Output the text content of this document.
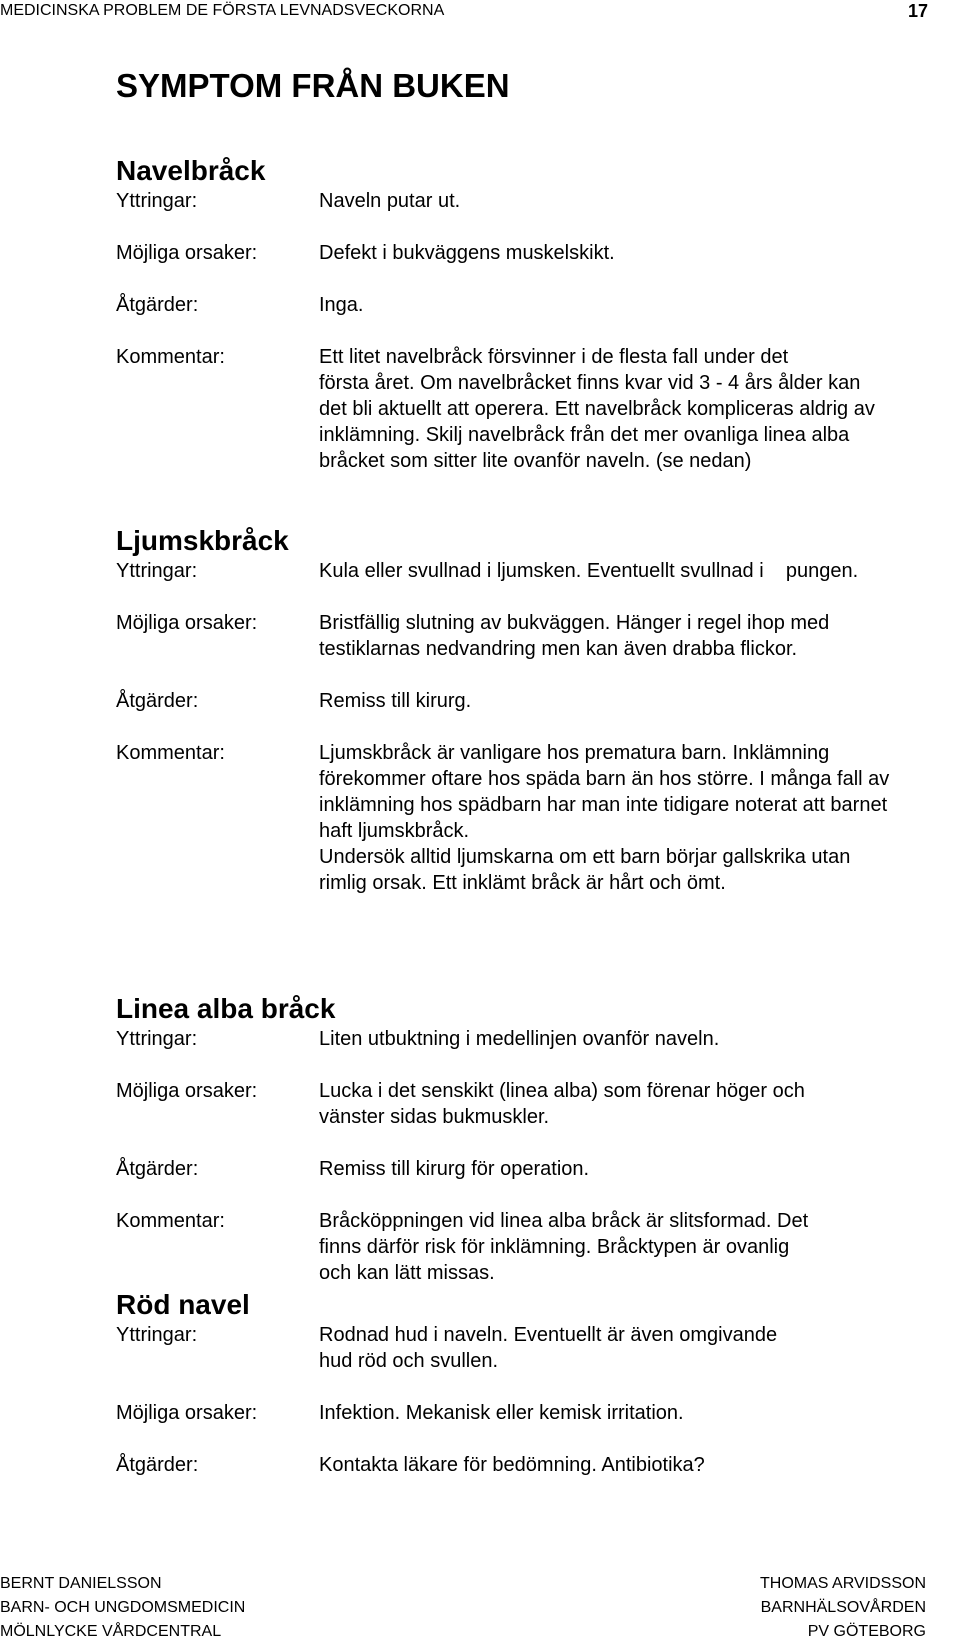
MEDICINSKA PROBLEM DE FÖRSTA LEVNADSVECKORNA	17
SYMPTOM FRÅN BUKEN
Navelbråck
Yttringar:	Naveln putar ut.
Möjliga orsaker:	Defekt i bukväggens muskelskikt.
Åtgärder:	Inga.
Kommentar:	Ett litet navelbråck försvinner i de flesta fall under det
första året. Om navelbråcket finns kvar vid 3 - 4 års ålder kan
det bli aktuellt att operera. Ett navelbråck kompliceras aldrig av
inklämning. Skilj navelbråck från det mer ovanliga linea alba
bråcket som sitter lite ovanför naveln. (se nedan)
Ljumskbråck
Yttringar:	Kula eller svullnad i ljumsken. Eventuellt svullnad i    pungen.
Möjliga orsaker:	Bristfällig slutning av bukväggen. Hänger i regel ihop med
testiklarnas nedvandring men kan även drabba flickor.
Åtgärder:	Remiss till kirurg.
Kommentar:	Ljumskbråck är vanligare hos prematura barn. Inklämning
förekommer oftare hos späda barn än hos större. I många fall av
inklämning hos spädbarn har man inte tidigare noterat att barnet
haft ljumskbråck.
Undersök alltid ljumskarna om ett barn börjar gallskrika utan
rimlig orsak. Ett inklämt bråck är hårt och ömt.
Linea alba bråck
Yttringar:	Liten utbuktning i medellinjen ovanför naveln.
Möjliga orsaker:	Lucka i det senskikt (linea alba) som förenar höger och
vänster sidas bukmuskler.
Åtgärder:	Remiss till kirurg för operation.
Kommentar:	Bråcköppningen vid linea alba bråck är slitsformad. Det
finns därför risk för inklämning. Bråcktypen är ovanlig
och kan lätt missas.
Röd navel
Yttringar:	Rodnad hud i naveln. Eventuellt är även omgivande
hud röd och svullen.
Möjliga orsaker:	Infektion. Mekanisk eller kemisk irritation.
Åtgärder:	Kontakta läkare för bedömning. Antibiotika?
BERNT DANIELSSON
BARN- OCH UNGDOMSMEDICIN
MÖLNLYCKE VÅRDCENTRAL
THOMAS ARVIDSSON
BARNHÄLSOVÅRDEN
PV GÖTEBORG
